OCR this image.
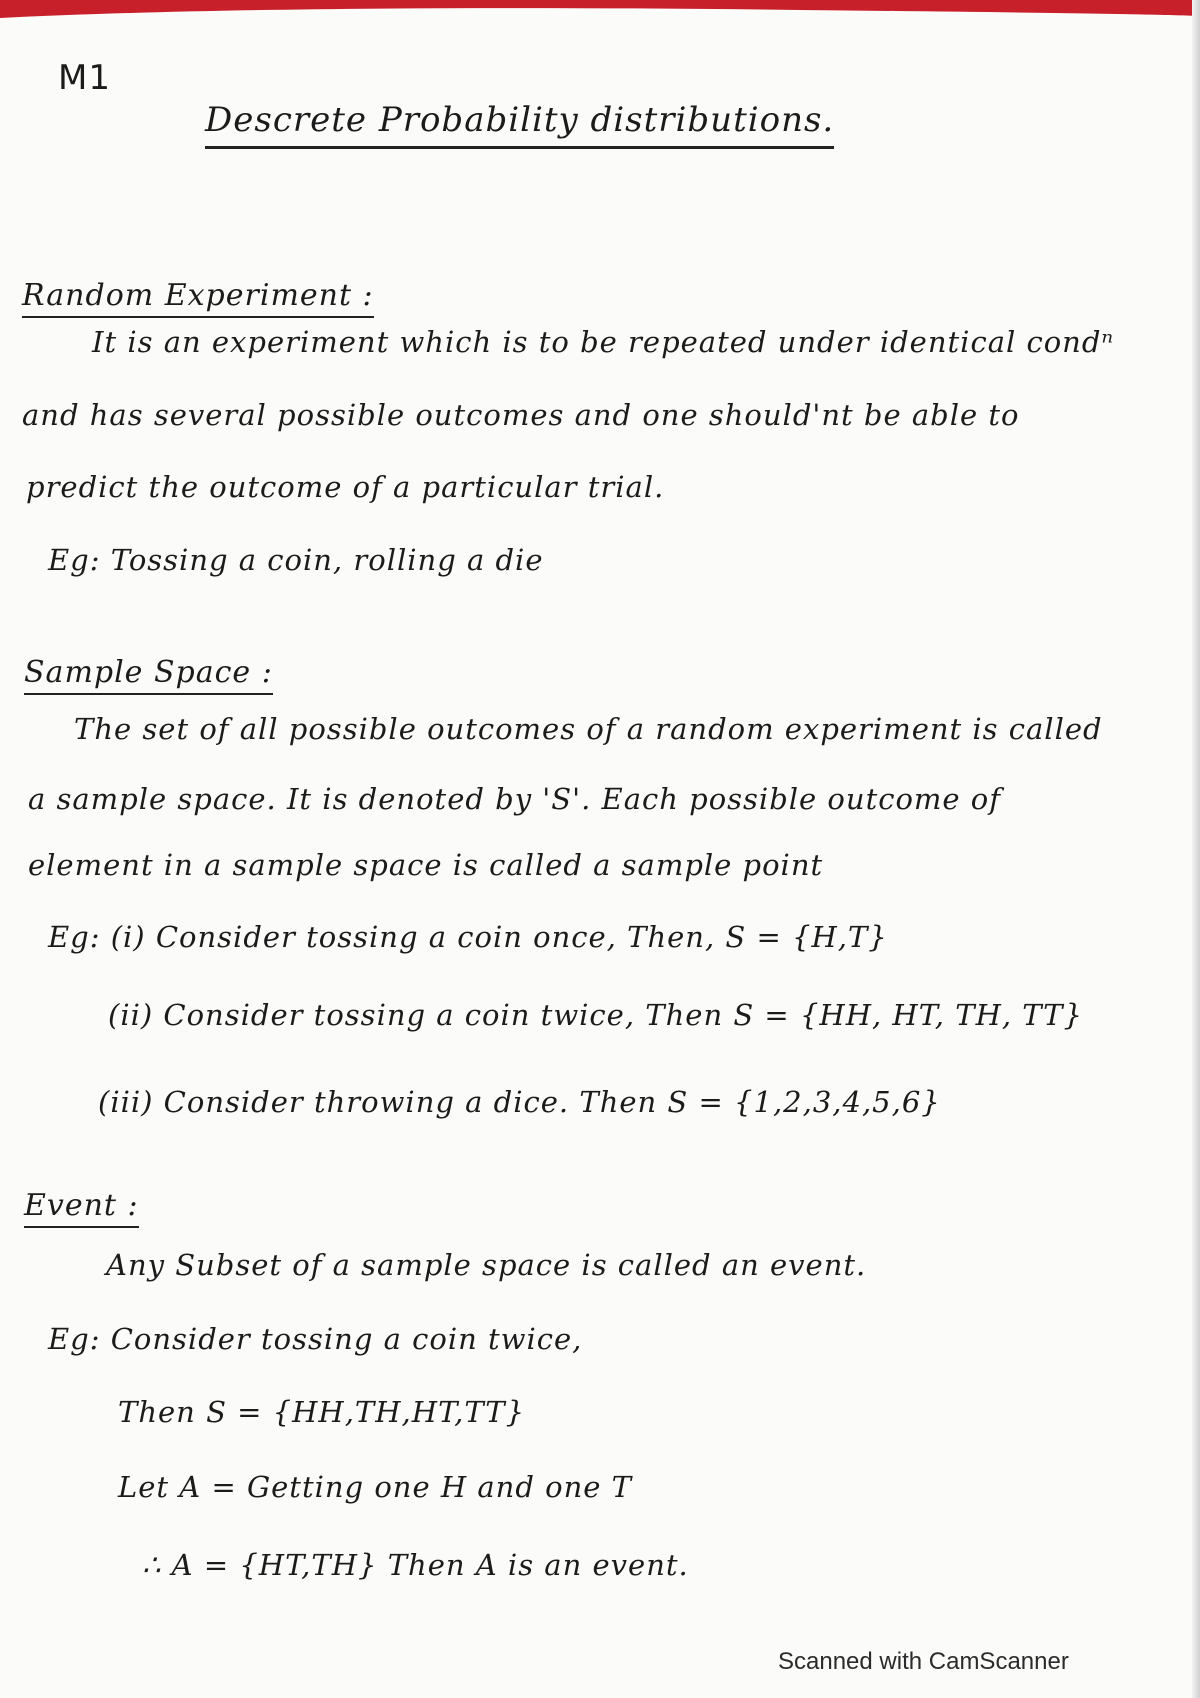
M1
Descrete Probability distributions.
Random Experiment :
It is an experiment which is to be repeated under identical condⁿ
and has several possible outcomes and one should'nt be able to
predict the outcome of a particular trial.
Eg: Tossing a coin, rolling a die
Sample Space :
The set of all possible outcomes of a random experiment is called
a sample space. It is denoted by 'S'. Each possible outcome of
element in a sample space is called a sample point
Eg: (i) Consider tossing a coin once, Then, S = {H,T}
(ii) Consider tossing a coin twice, Then S = {HH, HT, TH, TT}
(iii) Consider throwing a dice. Then S = {1,2,3,4,5,6}
Event :
Any Subset of a sample space is called an event.
Eg: Consider tossing a coin twice,
Then S = {HH,TH,HT,TT}
Let A = Getting one H and one T
∴ A = {HT,TH} Then A is an event.
Scanned with CamScanner
